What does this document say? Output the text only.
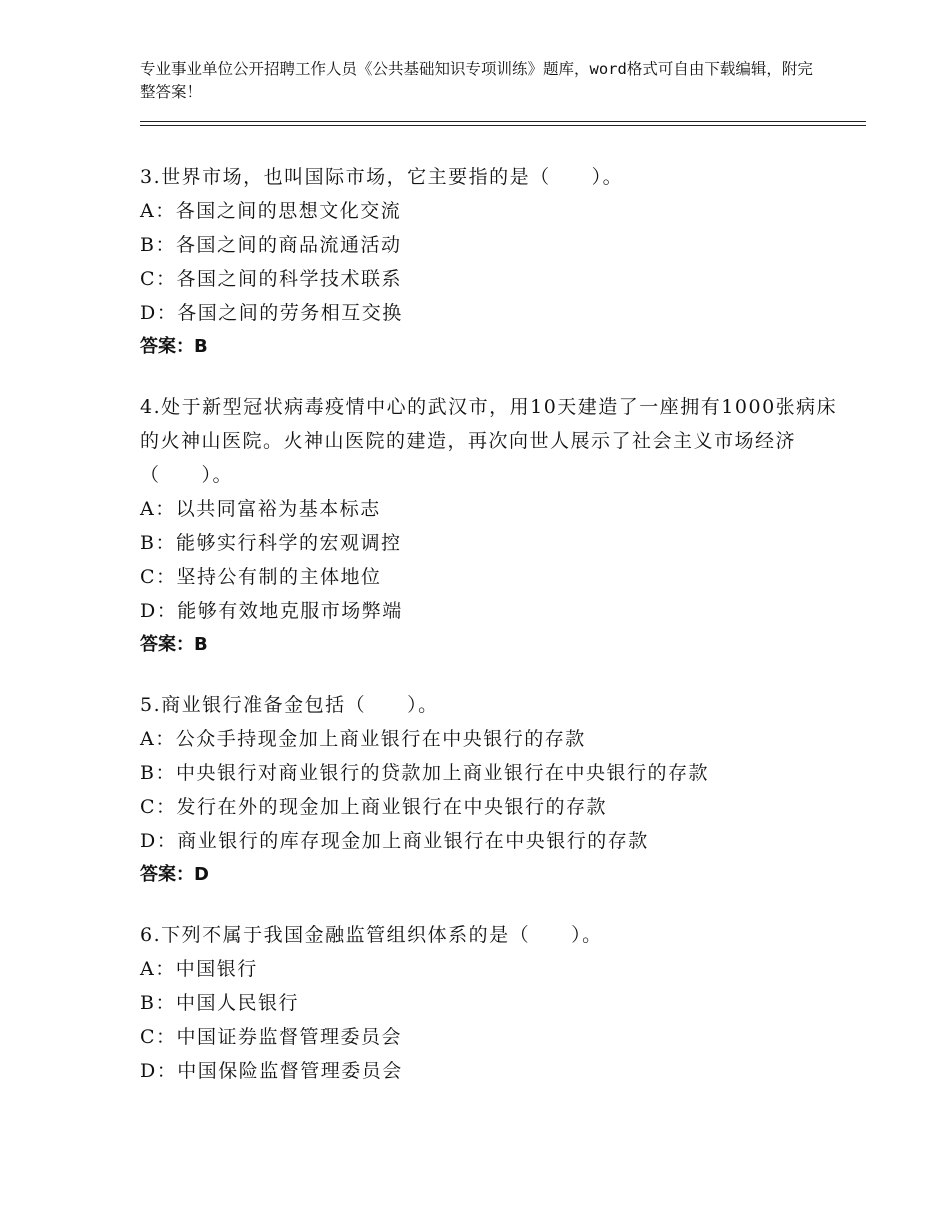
专业事业单位公开招聘工作人员《公共基础知识专项训练》题库，word格式可自由下载编辑，附完整答案！
3.世界市场，也叫国际市场，它主要指的是（　　）。
A：各国之间的思想文化交流
B：各国之间的商品流通活动
C：各国之间的科学技术联系
D：各国之间的劳务相互交换
答案：B
4.处于新型冠状病毒疫情中心的武汉市，用10天建造了一座拥有1000张病床的火神山医院。火神山医院的建造，再次向世人展示了社会主义市场经济（　　）。
A：以共同富裕为基本标志
B：能够实行科学的宏观调控
C：坚持公有制的主体地位
D：能够有效地克服市场弊端
答案：B
5.商业银行准备金包括（　　）。
A：公众手持现金加上商业银行在中央银行的存款
B：中央银行对商业银行的贷款加上商业银行在中央银行的存款
C：发行在外的现金加上商业银行在中央银行的存款
D：商业银行的库存现金加上商业银行在中央银行的存款
答案：D
6.下列不属于我国金融监管组织体系的是（　　）。
A：中国银行
B：中国人民银行
C：中国证券监督管理委员会
D：中国保险监督管理委员会
